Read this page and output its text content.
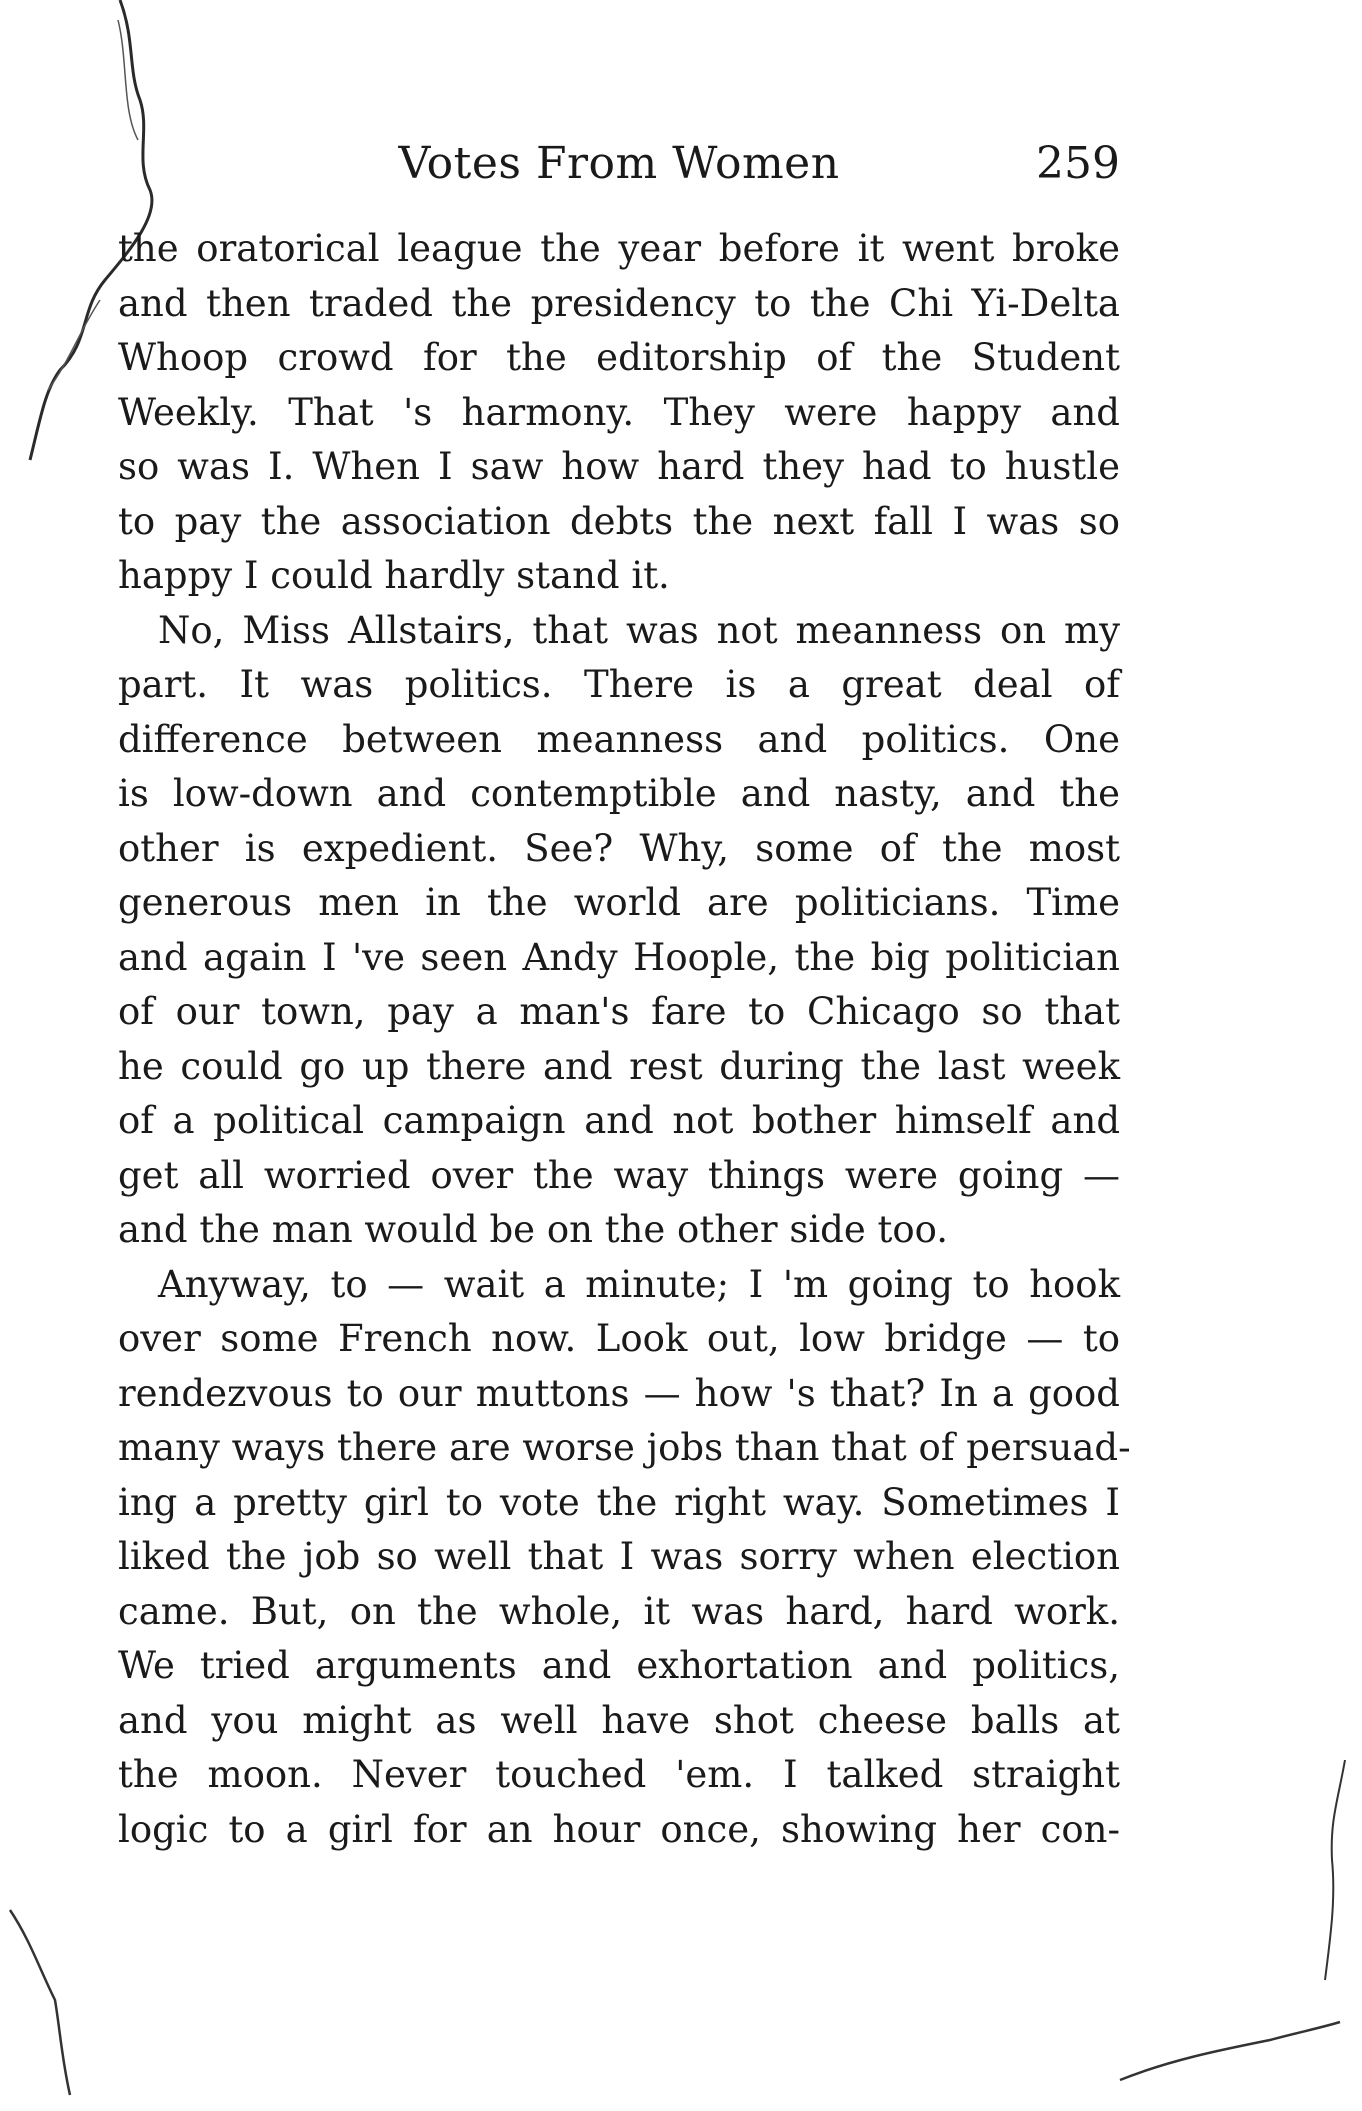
Votes From Women	259
the oratorical league the year before it went broke
and then traded the presidency to the Chi Yi-Delta
Whoop crowd for the editorship of the Student
Weekly. That 's harmony. They were happy and
so was I. When I saw how hard they had to hustle
to pay the association debts the next fall I was so
happy I could hardly stand it.
No, Miss Allstairs, that was not meanness on my
part. It was politics. There is a great deal of
difference between meanness and politics. One
is low-down and contemptible and nasty, and the
other is expedient. See? Why, some of the most
generous men in the world are politicians. Time
and again I 've seen Andy Hoople, the big politician
of our town, pay a man's fare to Chicago so that
he could go up there and rest during the last week
of a political campaign and not bother himself and
get all worried over the way things were going —
and the man would be on the other side too.
Anyway, to — wait a minute; I 'm going to hook
over some French now. Look out, low bridge — to
rendezvous to our muttons — how 's that? In a good
many ways there are worse jobs than that of persuad-
ing a pretty girl to vote the right way. Sometimes I
liked the job so well that I was sorry when election
came. But, on the whole, it was hard, hard work.
We tried arguments and exhortation and politics,
and you might as well have shot cheese balls at
the moon. Never touched 'em. I talked straight
logic to a girl for an hour once, showing her con-
